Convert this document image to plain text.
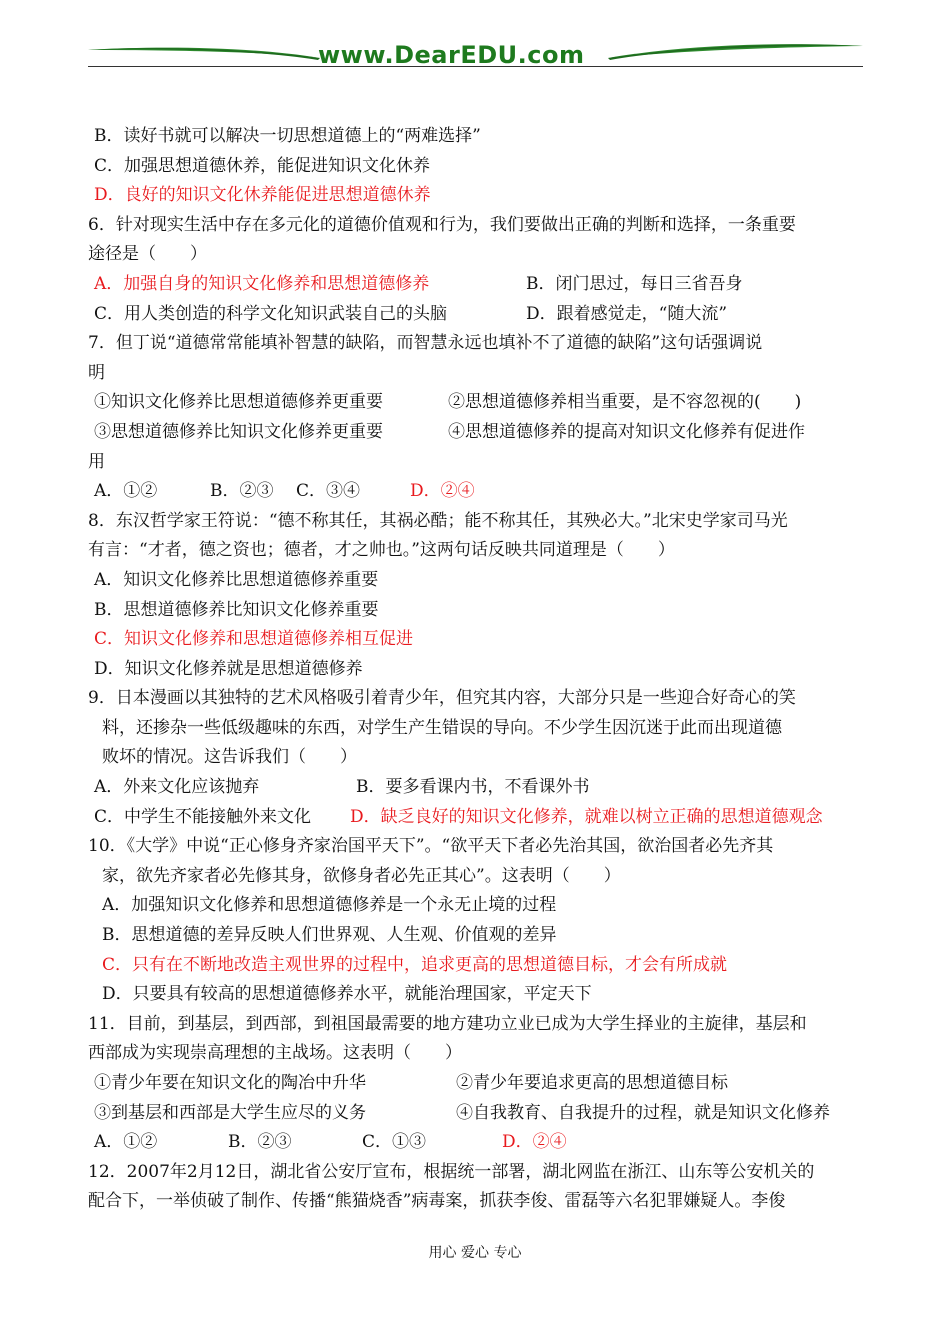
www.DearEDU.com
B．读好书就可以解决一切思想道德上的“两难选择”
C．加强思想道德休养，能促进知识文化休养
D．良好的知识文化休养能促进思想道德休养
6．针对现实生活中存在多元化的道德价值观和行为，我们要做出正确的判断和选择，一条重要
途径是（　　）
A．加强自身的知识文化修养和思想道德修养	B．闭门思过，每日三省吾身
C．用人类创造的科学文化知识武装自己的头脑	D．跟着感觉走，“随大流”
7．但丁说“道德常常能填补智慧的缺陷，而智慧永远也填补不了道德的缺陷”这句话强调说
明
①知识文化修养比思想道德修养更重要	②思想道德修养相当重要，是不容忽视的(　　)
③思想道德修养比知识文化修养更重要	④思想道德修养的提高对知识文化修养有促进作
用
A．①②	B．②③ C．③④	D．②④
8．东汉哲学家王符说：“德不称其任，其祸必酷；能不称其任，其殃必大。”北宋史学家司马光
有言：“才者，德之资也；德者，才之帅也。”这两句话反映共同道理是（　　）
A．知识文化修养比思想道德修养重要
B．思想道德修养比知识文化修养重要
C．知识文化修养和思想道德修养相互促进
D．知识文化修养就是思想道德修养
9．日本漫画以其独特的艺术风格吸引着青少年，但究其内容，大部分只是一些迎合好奇心的笑
料，还掺杂一些低级趣味的东西，对学生产生错误的导向。不少学生因沉迷于此而出现道德
败坏的情况。这告诉我们（　　）
A．外来文化应该抛弃	B．要多看课内书，不看课外书
C．中学生不能接触外来文化 D．缺乏良好的知识文化修养，就难以树立正确的思想道德观念
10．《大学》中说“正心修身齐家治国平天下”。“欲平天下者必先治其国，欲治国者必先齐其
家，欲先齐家者必先修其身，欲修身者必先正其心”。这表明（　　）
A．加强知识文化修养和思想道德修养是一个永无止境的过程
B．思想道德的差异反映人们世界观、人生观、价值观的差异
C．只有在不断地改造主观世界的过程中，追求更高的思想道德目标，才会有所成就
D．只要具有较高的思想道德修养水平，就能治理国家，平定天下
11．目前，到基层，到西部，到祖国最需要的地方建功立业已成为大学生择业的主旋律，基层和
西部成为实现崇高理想的主战场。这表明（　　）
①青少年要在知识文化的陶冶中升华	②青少年要追求更高的思想道德目标
③到基层和西部是大学生应尽的义务	④自我教育、自我提升的过程，就是知识文化修养
A．①②	B．②③	C．①③	D．②④
12．2007年2月12日，湖北省公安厅宣布，根据统一部署，湖北网监在浙江、山东等公安机关的
配合下，一举侦破了制作、传播“熊猫烧香”病毒案，抓获李俊、雷磊等六名犯罪嫌疑人。李俊
用心 爱心 专心
